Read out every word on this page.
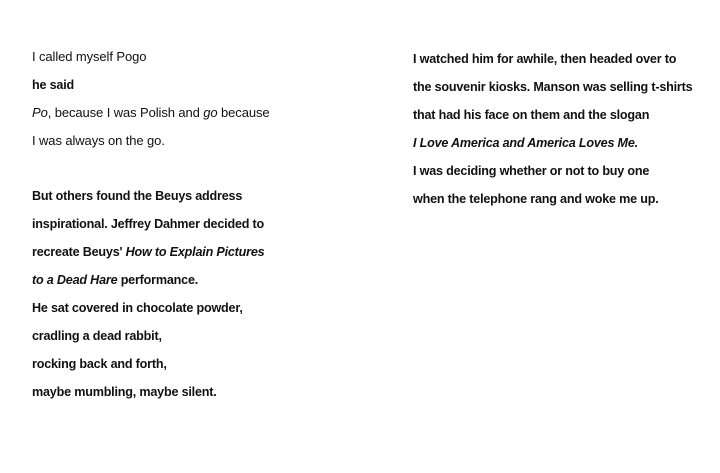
I called myself Pogo
he said
Po, because I was Polish and go because
I was always on the go.
But others found the Beuys address
inspirational. Jeffrey Dahmer decided to
recreate Beuys' How to Explain Pictures
to a Dead Hare performance.
He sat covered in chocolate powder,
cradling a dead rabbit,
rocking back and forth,
maybe mumbling, maybe silent.
I watched him for awhile, then headed over to
the souvenir kiosks. Manson was selling t-shirts
that had his face on them and the slogan
I Love America and America Loves Me.
I was deciding whether or not to buy one
when the telephone rang and woke me up.
